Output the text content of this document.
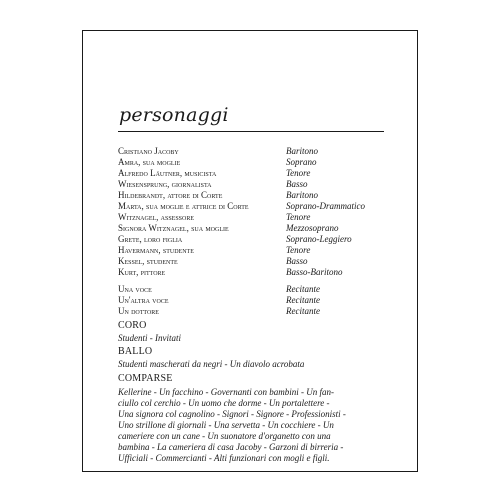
personaggi
Cristiano Jacoby	Baritono
Amra, sua moglie	Soprano
Alfredo Läutner, musicista	Tenore
Wiesensprung, giornalista	Basso
Hildebrandt, attore di Corte	Baritono
Marta, sua moglie e attrice di Corte	Soprano-Drammatico
Witznagel, assessore	Tenore
Signora Witznagel, sua moglie	Mezzosoprano
Grete, loro figlia	Soprano-Leggiero
Havermann, studente	Tenore
Kessel, studente	Basso
Kurt, pittore	Basso-Baritono
Una voce	Recitante
Un'altra voce	Recitante
Un dottore	Recitante
CORO
Studenti - Invitati
BALLO
Studenti mascherati da negri - Un diavolo acrobata
COMPARSE
Kellerine - Un facchino - Governanti con bambini - Un fan-
ciullo col cerchio - Un uomo che dorme - Un portalettere -
Una signora col cagnolino - Signori - Signore - Professionisti -
Uno strillone di giornali - Una servetta - Un cocchiere - Un
cameriere con un cane - Un suonatore d'organetto con una
bambina - La cameriera di casa Jacoby - Garzoni di birreria -
Ufficiali - Commercianti - Alti funzionari con mogli e figli.
